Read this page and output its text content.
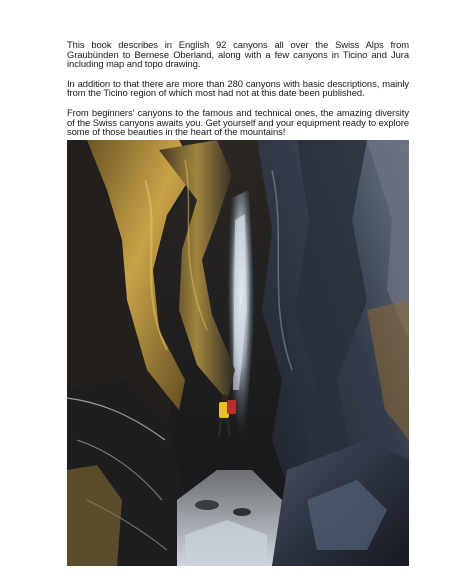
This book describes in English 92 canyons all over the Swiss Alps from Graubünden to Bernese Oberland, along with a few canyons in Ticino and Jura including map and topo drawing.

In addition to that there are more than 280 canyons with basic descriptions, mainly from the Ticino region of which most had not at this date been published.

From beginners' canyons to the famous and technical ones, the amazing diversity of the Swiss canyons awaits you. Get yourself and your equipment ready to explore some of those beauties in the heart of the mountains!
